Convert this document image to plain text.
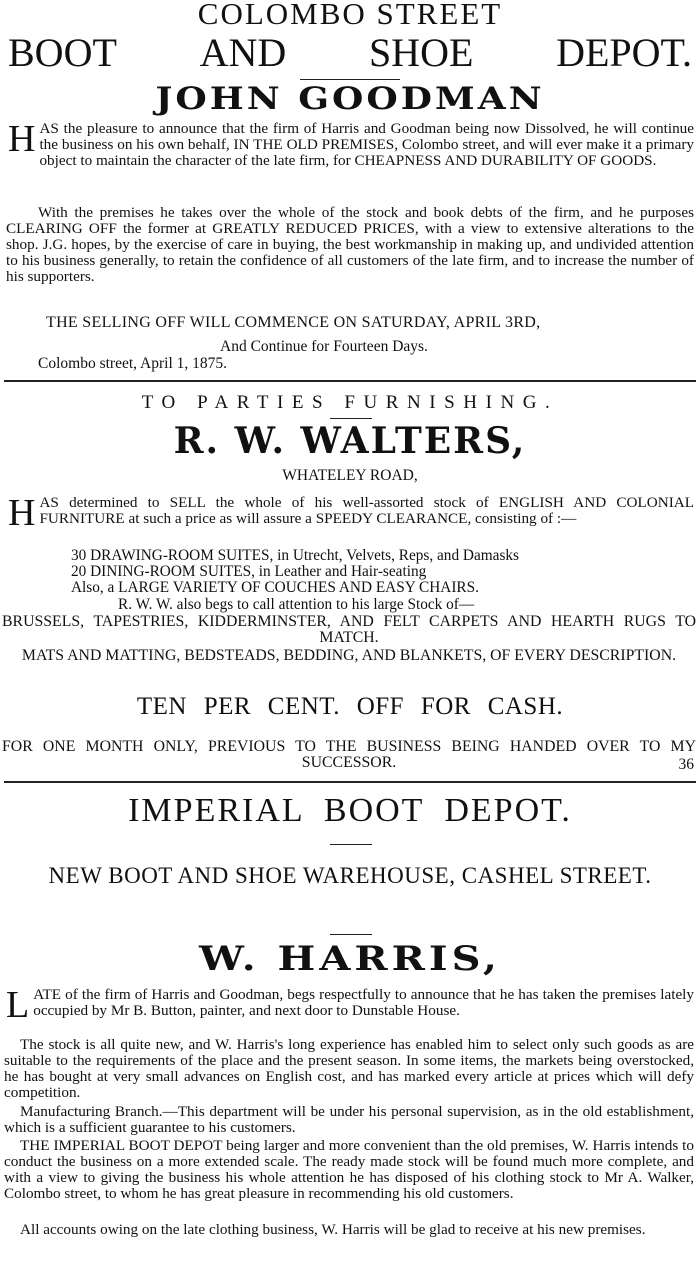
COLOMBO STREET
BOOT AND SHOE DEPOT.
JOHN GOODMAN
H AS the pleasure to announce that the firm of Harris and Goodman being now Dissolved, he will continue the business on his own behalf, IN THE OLD PREMISES, Colombo street, and will ever make it a primary object to maintain the character of the late firm, for CHEAPNESS AND DURABILITY OF GOODS.
With the premises he takes over the whole of the stock and book debts of the firm, and he purposes CLEARING OFF the former at GREATLY REDUCED PRICES, with a view to extensive alterations to the shop. J.G. hopes, by the exercise of care in buying, the best workmanship in making up, and undivided attention to his business generally, to retain the confidence of all customers of the late firm, and to increase the number of his supporters.
THE SELLING OFF WILL COMMENCE ON SATURDAY, APRIL 3RD,
And Continue for Fourteen Days.
Colombo street, April 1, 1875.
TO PARTIES FURNISHING.
R. W. WALTERS,
WHATELEY ROAD,
H AS determined to SELL the whole of his well-assorted stock of ENGLISH AND COLONIAL FURNITURE at such a price as will assure a SPEEDY CLEARANCE, consisting of :—
30 DRAWING-ROOM SUITES, in Utrecht, Velvets, Reps, and Damasks
20 DINING-ROOM SUITES, in Leather and Hair-seating
Also, a LARGE VARIETY OF COUCHES AND EASY CHAIRS.
R. W. W. also begs to call attention to his large Stock of—
BRUSSELS, TAPESTRIES, KIDDERMINSTER, AND FELT CARPETS AND HEARTH RUGS TO MATCH.
MATS AND MATTING, BEDSTEADS, BEDDING, AND BLANKETS, OF EVERY DESCRIPTION.
TEN PER CENT. OFF FOR CASH.
FOR ONE MONTH ONLY, PREVIOUS TO THE BUSINESS BEING HANDED OVER TO MY SUCCESSOR.	36
IMPERIAL BOOT DEPOT.
NEW BOOT AND SHOE WAREHOUSE, CASHEL STREET.
W. HARRIS,
L ATE of the firm of Harris and Goodman, begs respectfully to announce that he has taken the premises lately occupied by Mr B. Button, painter, and next door to Dunstable House.
The stock is all quite new, and W. Harris's long experience has enabled him to select only such goods as are suitable to the requirements of the place and the present season. In some items, the markets being overstocked, he has bought at very small advances on English cost, and has marked every article at prices which will defy competition.
Manufacturing Branch.—This department will be under his personal supervision, as in the old establishment, which is a sufficient guarantee to his customers.
THE IMPERIAL BOOT DEPOT being larger and more convenient than the old premises, W. Harris intends to conduct the business on a more extended scale. The ready made stock will be found much more complete, and with a view to giving the business his whole attention he has disposed of his clothing stock to Mr A. Walker, Colombo street, to whom he has great pleasure in recommending his old customers.
All accounts owing on the late clothing business, W. Harris will be glad to receive at his new premises.
